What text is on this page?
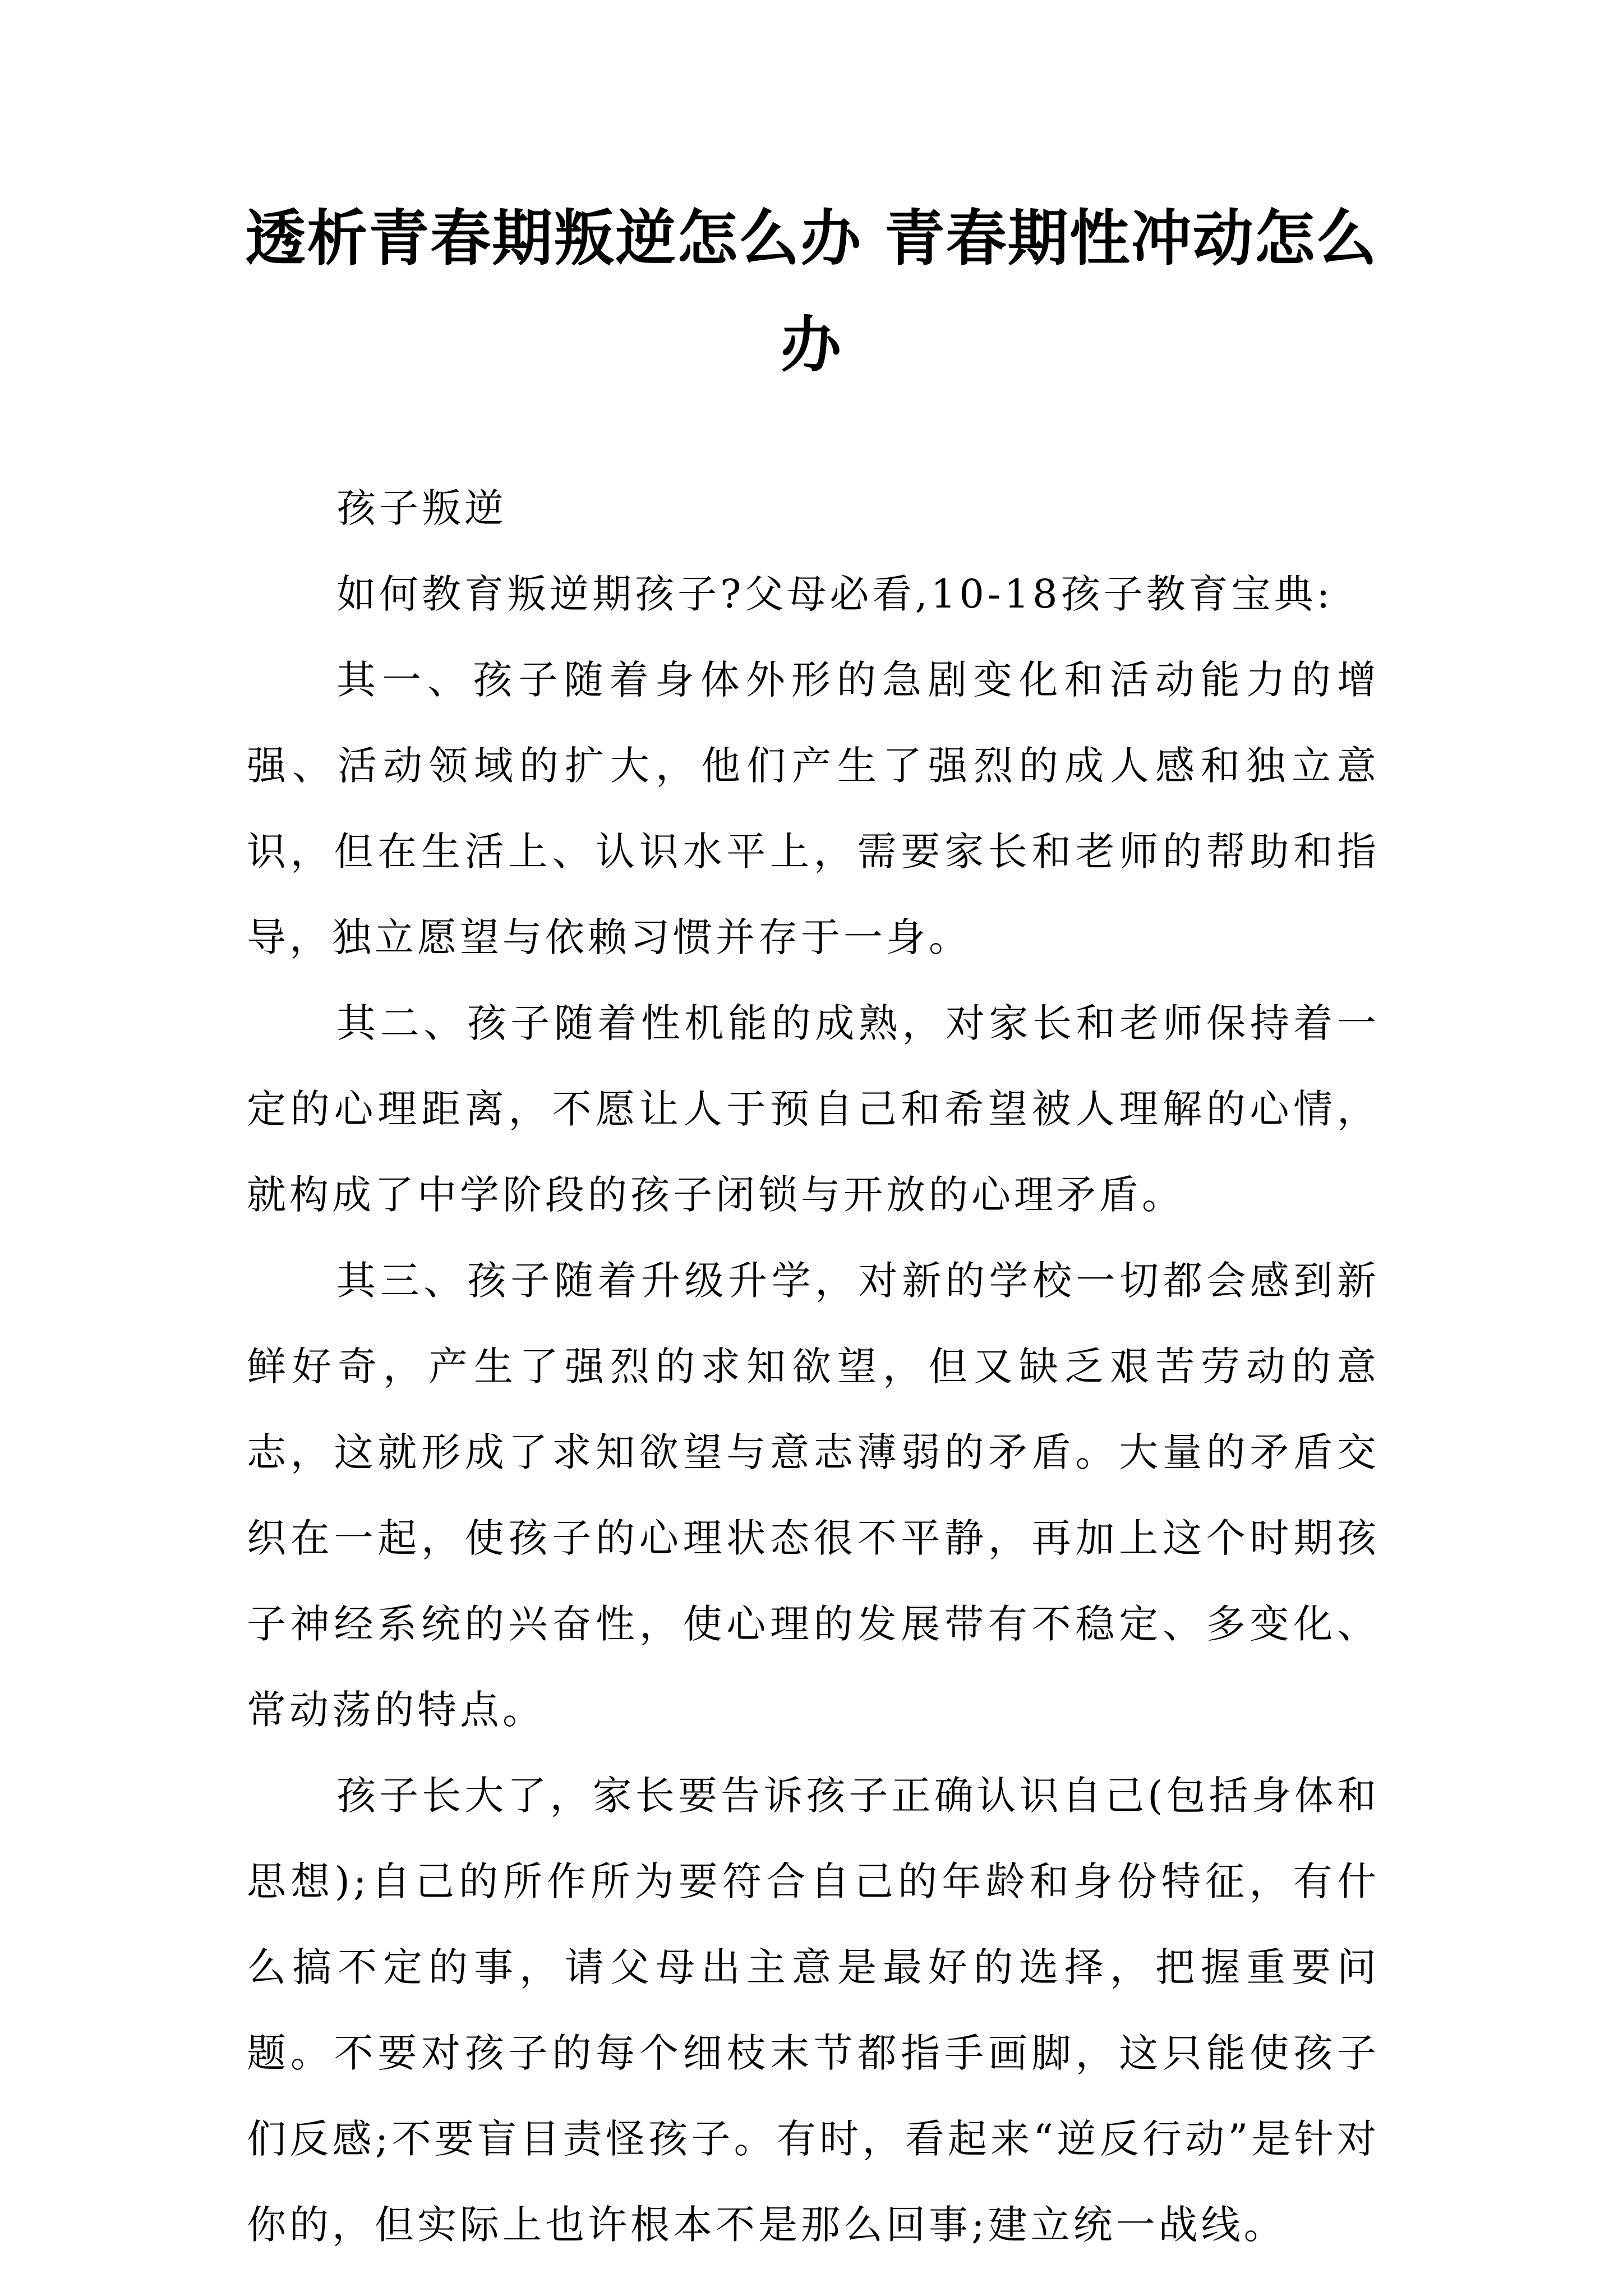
透析青春期叛逆怎么办 青春期性冲动怎么办

孩子叛逆

如何教育叛逆期孩子?父母必看,10-18孩子教育宝典:

其一、孩子随着身体外形的急剧变化和活动能力的增强、活动领域的扩大，他们产生了强烈的成人感和独立意识，但在生活上、认识水平上，需要家长和老师的帮助和指导，独立愿望与依赖习惯并存于一身。

其二、孩子随着性机能的成熟，对家长和老师保持着一定的心理距离，不愿让人于预自己和希望被人理解的心情，就构成了中学阶段的孩子闭锁与开放的心理矛盾。

其三、孩子随着升级升学，对新的学校一切都会感到新鲜好奇，产生了强烈的求知欲望，但又缺乏艰苦劳动的意志，这就形成了求知欲望与意志薄弱的矛盾。大量的矛盾交织在一起，使孩子的心理状态很不平静，再加上这个时期孩子神经系统的兴奋性，使心理的发展带有不稳定、多变化、常动荡的特点。

孩子长大了，家长要告诉孩子正确认识自己(包括身体和思想);自己的所作所为要符合自己的年龄和身份特征，有什么搞不定的事，请父母出主意是最好的选择，把握重要问题。不要对孩子的每个细枝末节都指手画脚，这只能使孩子们反感;不要盲目责怪孩子。有时，看起来“逆反行动”是针对你的，但实际上也许根本不是那么回事;建立统一战线。
